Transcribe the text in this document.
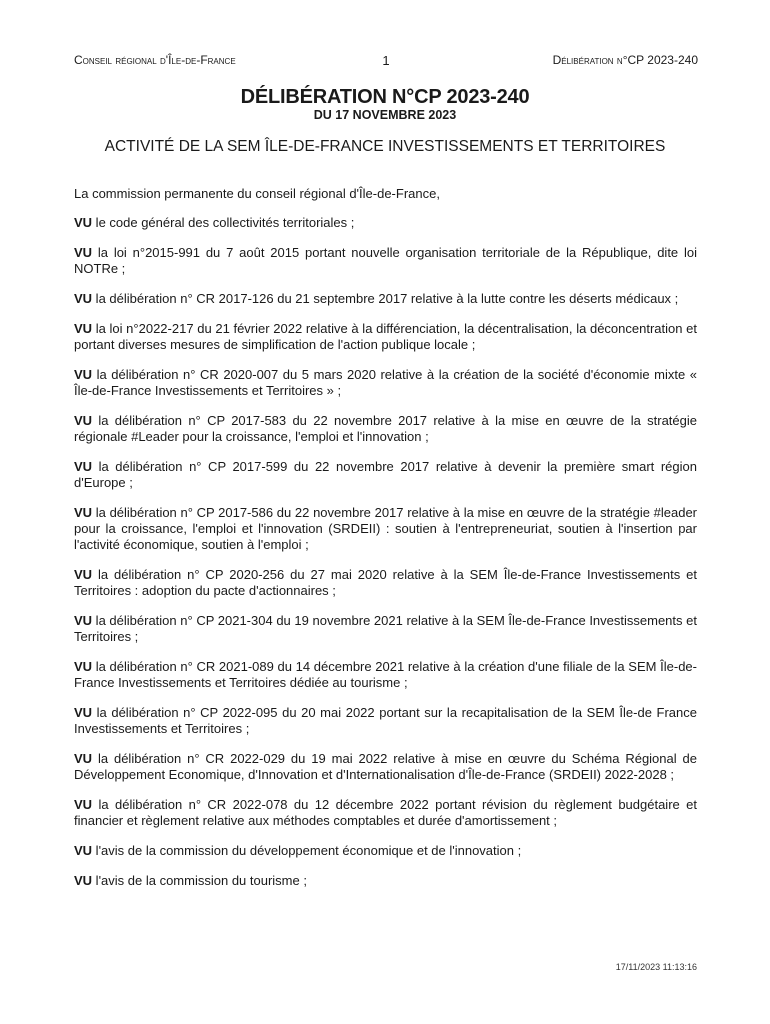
Conseil régional d'Île-de-France	1	Délibération n°CP 2023-240
DÉLIBÉRATION N°CP 2023-240
DU 17 NOVEMBRE 2023
ACTIVITÉ DE LA SEM ÎLE-DE-FRANCE INVESTISSEMENTS ET TERRITOIRES

La commission permanente du conseil régional d'Île-de-France,

VU le code général des collectivités territoriales ;

VU la loi n°2015-991 du 7 août 2015 portant nouvelle organisation territoriale de la République, dite loi NOTRe ;

VU la délibération n° CR 2017-126 du 21 septembre 2017 relative à la lutte contre les déserts médicaux ;

VU la loi n°2022-217 du 21 février 2022 relative à la différenciation, la décentralisation, la déconcentration et portant diverses mesures de simplification de l'action publique locale ;

VU la délibération n° CR 2020-007 du 5 mars 2020 relative à la création de la société d'économie mixte « Île-de-France Investissements et Territoires » ;

VU la délibération n° CP 2017-583 du 22 novembre 2017 relative à la mise en œuvre de la stratégie régionale #Leader pour la croissance, l'emploi et l'innovation ;

VU la délibération n° CP 2017-599 du 22 novembre 2017 relative à devenir la première smart région d'Europe ;

VU la délibération n° CP 2017-586 du 22 novembre 2017 relative à la mise en œuvre de la stratégie #leader pour la croissance, l'emploi et l'innovation (SRDEII) : soutien à l'entrepreneuriat, soutien à l'insertion par l'activité économique, soutien à l'emploi ;

VU la délibération n° CP 2020-256 du 27 mai 2020 relative à la SEM Île-de-France Investissements et Territoires : adoption du pacte d'actionnaires ;

VU la délibération n° CP 2021-304 du 19 novembre 2021 relative à la SEM Île-de-France Investissements et Territoires ;

VU la délibération n° CR 2021-089 du 14 décembre 2021 relative à la création d'une filiale de la SEM Île-de-France Investissements et Territoires dédiée au tourisme ;

VU la délibération n° CP 2022-095 du 20 mai 2022 portant sur la recapitalisation de la SEM Île-de France Investissements et Territoires ;

VU la délibération n° CR 2022-029 du 19 mai 2022 relative à mise en œuvre du Schéma Régional de Développement Economique, d'Innovation et d'Internationalisation d'Île-de-France (SRDEII) 2022-2028 ;

VU la délibération n° CR 2022-078 du 12 décembre 2022 portant révision du règlement budgétaire et financier et règlement relative aux méthodes comptables et durée d'amortissement ;

VU l'avis de la commission du développement économique et de l'innovation ;

VU l'avis de la commission du tourisme ;

17/11/2023 11:13:16
